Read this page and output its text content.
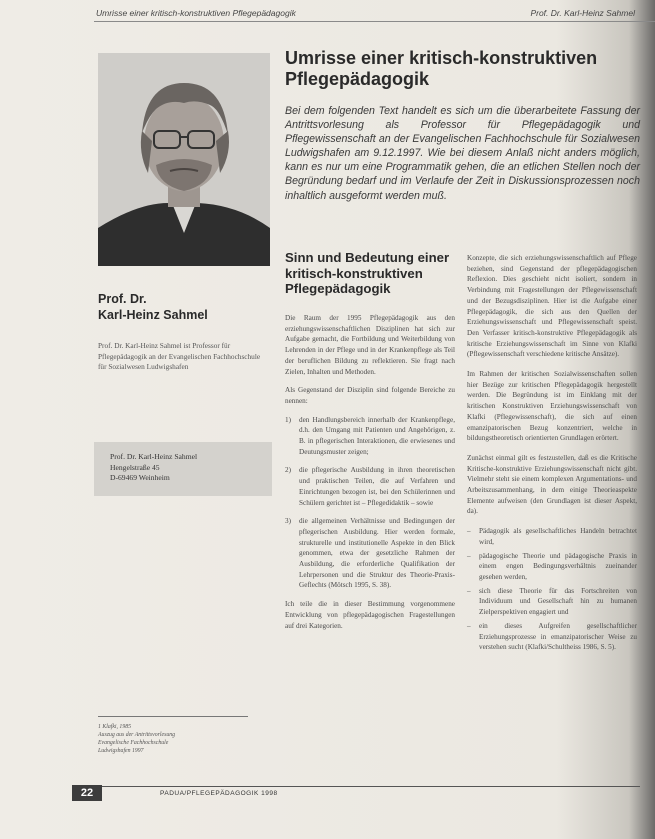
Umrisse einer kritisch-konstruktiven Pflegepädagogik	Prof. Dr. Karl-Heinz Sahmel
Umrisse einer kritisch-konstruktiven Pflegepädagogik

Bei dem folgenden Text handelt es sich um die überarbeitete Fassung der Antrittsvorlesung als Professor für Pflegepädagogik und Pflegewissenschaft an der Evangelischen Fachhochschule für Sozialwesen Ludwigshafen am 9.12.1997. Wie bei diesem Anlaß nicht anders möglich, kann es nur um eine Programmatik gehen, die an etlichen Stellen noch der Begründung bedarf und im Verlaufe der Zeit in Diskussionsprozessen noch inhaltlich ausgeformt werden muß.

Prof. Dr.
Karl-Heinz Sahmel

Prof. Dr. Karl-Heinz Sahmel ist Professor für Pflegepädagogik an der Evangelischen Fachhochschule für Sozialwesen Ludwigshafen

Prof. Dr. Karl-Heinz Sahmel
Hengelstraße 45
D-69469 Weinheim
1 Klafki, 1985
Auszug aus der Antrittsvorlesung
Evangelische Fachhochschule
Ludwigshafen 1997
Sinn und Bedeutung einer kritisch-konstruktiven Pflegepädagogik

Die Raum der 1995 Pflegepädagogik aus den erziehungswissenschaftlichen Disziplinen hat sich zur Aufgabe gemacht, die Fortbildung und Weiterbildung von Lehrenden in der Pflege und in der Krankenpflege als Teil der beruflichen Bildung zu reflektieren. Sie fragt nach Zielen, Inhalten und Methoden.

Als Gegenstand der Disziplin sind folgende Bereiche zu nennen:

1)	den Handlungsbereich innerhalb der Krankenpflege, d.h. den Umgang mit Patienten und Angehörigen, z. B. in pflegerischen Interaktionen, die erwiesenes und Deutungsmuster zeigen;
2)	die pflegerische Ausbildung in ihren theoretischen und praktischen Teilen, die auf Verfahren und Einrichtungen bezogen ist, bei den Schülerinnen und Schülern gerichtet ist – Pflegedidaktik – sowie
3)	die allgemeinen Verhältnisse und Bedingungen der pflegerischen Ausbildung. Hier werden formale, strukturelle und institutionelle Aspekte in den Blick genommen, etwa der gesetzliche Rahmen der Ausbildung, die erforderliche Qualifikation der Lehrpersonen und die Struktur des Theorie-Praxis-Geflechts (Mötsch 1995, S. 38).

Ich teile die in dieser Bestimmung vorgenommene Entwicklung von pflegepädagogischen Fragestellungen auf drei Kategorien.

Konzepte, die sich erziehungswissenschaftlich auf Pflege beziehen, sind Gegenstand der pflegepädagogischen Reflexion. Dies geschieht nicht isoliert, sondern in Verbindung mit Fragestellungen der Pflegewissenschaft und der Bezugsdisziplinen. Hier ist die Aufgabe einer Pflegepädagogik, die sich aus den Quellen der Erziehungswissenschaft und Pflegewissenschaft speist. Den Verfasser kritisch-konstruktive Pflegepädagogik als kritische Erziehungswissenschaft im Sinne von Klafki (Pflegewissenschaft verschiedene kritische Ansätze).

Im Rahmen der kritischen Sozialwissenschaften sollen hier Bezüge zur kritischen Pflegepädagogik hergestellt werden. Die Begründung ist im Einklang mit der kritischen Konstruktiven Erziehungswissenschaft von Klafki (Pflegewissenschaft), die sich auf einen emanzipatorischen Bezug konzentriert, welche in bildungstheoretisch orientierten Grundlagen erörtert.

Zunächst einmal gilt es festzustellen, daß es die Kritische Kritische-konstruktive Erziehungswissenschaft nicht gibt. Vielmehr steht sie einem komplexen Argumentations- und Arbeitszusammenhang, in dem einige Theorieaspekte Elemente aufweisen (den Grundlagen ist dieser Aspekt, da).

–	Pädagogik als gesellschaftliches Handeln betrachtet wird,
–	pädagogische Theorie und pädagogische Praxis in einem engen Bedingungsverhältnis zueinander gesehen werden,
–	sich diese Theorie für das Fortschreiten von Individuum und Gesellschaft hin zu humanen Zielperspektiven engagiert und
–	ein dieses Aufgreifen gesellschaftlicher Erziehungsprozesse in emanzipatorischer Weise zu verstehen sucht (Klafki/Schultheiss 1986, S. 5).
22	PADUA/PFLEGEPÄDAGOGIK 1998
